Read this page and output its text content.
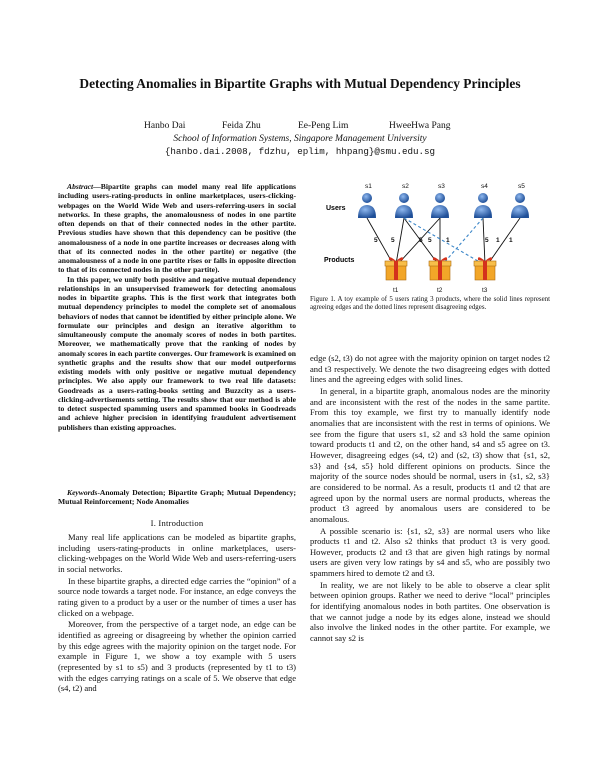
Detecting Anomalies in Bipartite Graphs with Mutual Dependency Principles
Hanbo Dai	Feida Zhu	Ee-Peng Lim	HweeHwa Pang
School of Information Systems, Singapore Management University
{hanbo.dai.2008, fdzhu, eplim, hhpang}@smu.edu.sg

Abstract—Bipartite graphs can model many real life applications including users-rating-products in online marketplaces, users-clicking-webpages on the World Wide Web and users-referring-users in social networks. In these graphs, the anomalousness of nodes in one partite often depends on that of their connected nodes in the other partite. Previous studies have shown that this dependency can be positive (the anomalousness of a node in one partite increases or decreases along with that of its connected nodes in the other partite) or negative (the anomalousness of a node in one partite rises or falls in opposite direction to that of its connected nodes in the other partite).

In this paper, we unify both positive and negative mutual dependency relationships in an unsupervised framework for detecting anomalous nodes in bipartite graphs. This is the first work that integrates both mutual dependency principles to model the complete set of anomalous behaviors of nodes that cannot be identified by either principle alone. We formulate our principles and design an iterative algorithm to simultaneously compute the anomaly scores of nodes in both partites. Moreover, we mathematically prove that the ranking of nodes by anomaly scores in each partite converges. Our framework is examined on synthetic graphs and the results show that our model outperforms existing models with only positive or negative mutual dependency principles. We also apply our framework to two real life datasets: Goodreads as a users-rating-books setting and Buzzcity as a users-clicking-advertisements setting. The results show that our method is able to detect suspected spamming users and spammed books in Goodreads and achieve higher precision in identifying fraudulent advertisement publishers than existing approaches.

Keywords-Anomaly Detection; Bipartite Graph; Mutual Dependency; Mutual Reinforcement; Node Anomalies

I. Introduction

Many real life applications can be modeled as bipartite graphs, including users-rating-products in online marketplaces, users-clicking-webpages on the World Wide Web and users-referring-users in social networks.

In these bipartite graphs, a directed edge carries the “opinion” of a source node towards a target node. For instance, an edge conveys the rating given to a product by a user or the number of times a user has clicked on a webpage.

Moreover, from the perspective of a target node, an edge can be identified as agreeing or disagreeing by whether the opinion carried by this edge agrees with the majority opinion on the target node. For example in Figure 1, we show a toy example with 5 users (represented by s1 to s5) and 3 products (represented by t1 to t3) with the edges carrying ratings on a scale of 5. We observe that edge (s4, t2) and

Users
Products
5 5	5 5 1	5 1 1
s1	s2	s3	s4	s5
t1	t2	t3
Figure 1. A toy example of 5 users rating 3 products, where the solid lines represent agreeing edges and the dotted lines represent disagreeing edges.

edge (s2, t3) do not agree with the majority opinion on target nodes t2 and t3 respectively. We denote the two disagreeing edges with dotted lines and the agreeing edges with solid lines.

In general, in a bipartite graph, anomalous nodes are the minority and are inconsistent with the rest of the nodes in the same partite. From this toy example, we first try to manually identify node anomalies that are inconsistent with the rest in terms of opinions. We see from the figure that users s1, s2 and s3 hold the same opinion toward products t1 and t2, on the other hand, s4 and s5 agree on t3. However, disagreeing edges (s4, t2) and (s2, t3) show that {s1, s2, s3} and {s4, s5} hold different opinions on products. Since the majority of the source nodes should be normal, users in {s1, s2, s3} are considered to be normal. As a result, products t1 and t2 that are agreed upon by the normal users are normal products, whereas the product t3 agreed by anomalous users are considered to be anomalous.

A possible scenario is: {s1, s2, s3} are normal users who like products t1 and t2. Also s2 thinks that product t3 is very good. However, products t2 and t3 that are given high ratings by normal users are given very low ratings by s4 and s5, who are possibly two spammers hired to demote t2 and t3.

In reality, we are not likely to be able to observe a clear split between opinion groups. Rather we need to derive “local” principles for identifying anomalous nodes in both partites. One observation is that we cannot judge a node by its edges alone, instead we should also involve the linked nodes in the other partite. For example, we cannot say s2 is
